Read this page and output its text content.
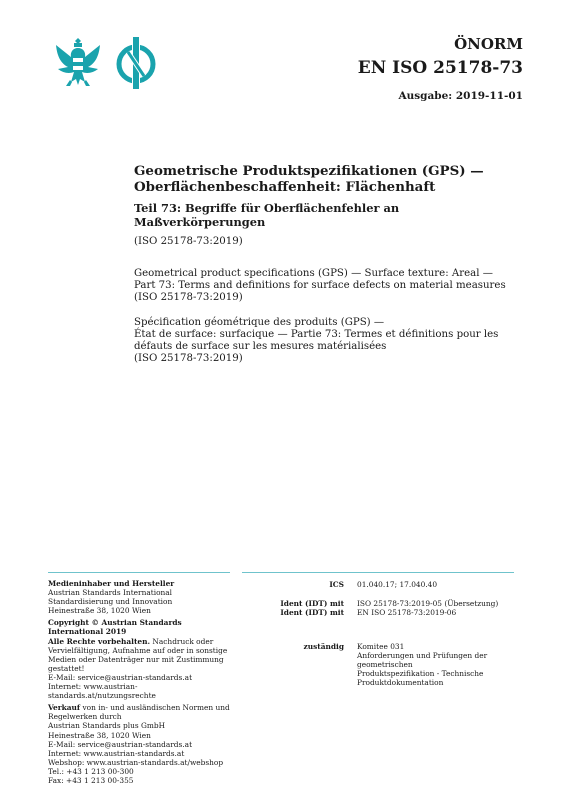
ÖNORM
EN ISO 25178-73
Ausgabe: 2019-11-01

Geometrische Produktspezifikationen (GPS) — Oberflächenbeschaffenheit: Flächenhaft

Teil 73: Begriffe für Oberflächenfehler an Maßverkörperungen

(ISO 25178-73:2019)

Geometrical product specifications (GPS) — Surface texture: Areal —

Part 73: Terms and definitions for surface defects on material measures

(ISO 25178-73:2019)

Spécification géométrique des produits (GPS) —

État de surface: surfacique — Partie 73: Termes et définitions pour les

défauts de surface sur les mesures matérialisées

(ISO 25178-73:2019)

Medieninhaber und Hersteller
Austrian Standards International
Standardisierung und Innovation
Heinestraße 38, 1020 Wien
Copyright © Austrian Standards International 2019
Alle Rechte vorbehalten. Nachdruck oder
Vervielfältigung, Aufnahme auf oder in sonstige
Medien oder Datenträger nur mit Zustimmung
gestattet!
E-Mail: service@austrian-standards.at
Internet: www.austrian-standards.at/nutzungsrechte
Verkauf von in- und ausländischen Normen und
Regelwerken durch
Austrian Standards plus GmbH
Heinestraße 38, 1020 Wien
E-Mail: service@austrian-standards.at
Internet: www.austrian-standards.at
Webshop: www.austrian-standards.at/webshop
Tel.: +43 1 213 00-300
Fax: +43 1 213 00-355
ICS 01.040.17; 17.040.40
Ident (IDT) mit ISO 25178-73:2019-05 (Übersetzung)
Ident (IDT) mit EN ISO 25178-73:2019-06
zuständig Komitee 031
Anforderungen und Prüfungen der geometrischen
Produktspezifikation - Technische
Produktdokumentation
